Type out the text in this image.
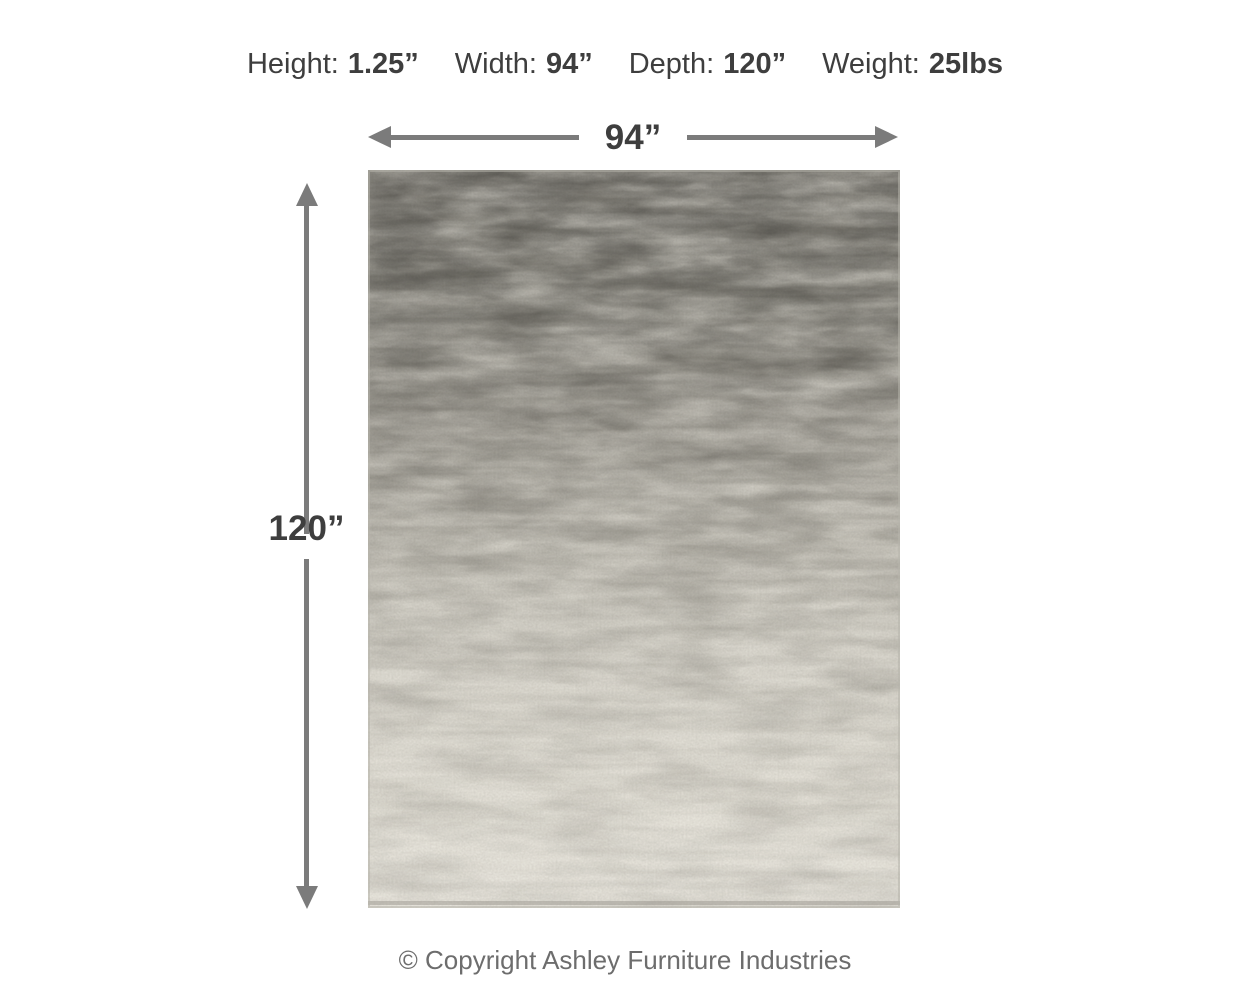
Height: 1.25” Width: 94” Depth: 120” Weight: 25lbs
94”
120”
© Copyright Ashley Furniture Industries
